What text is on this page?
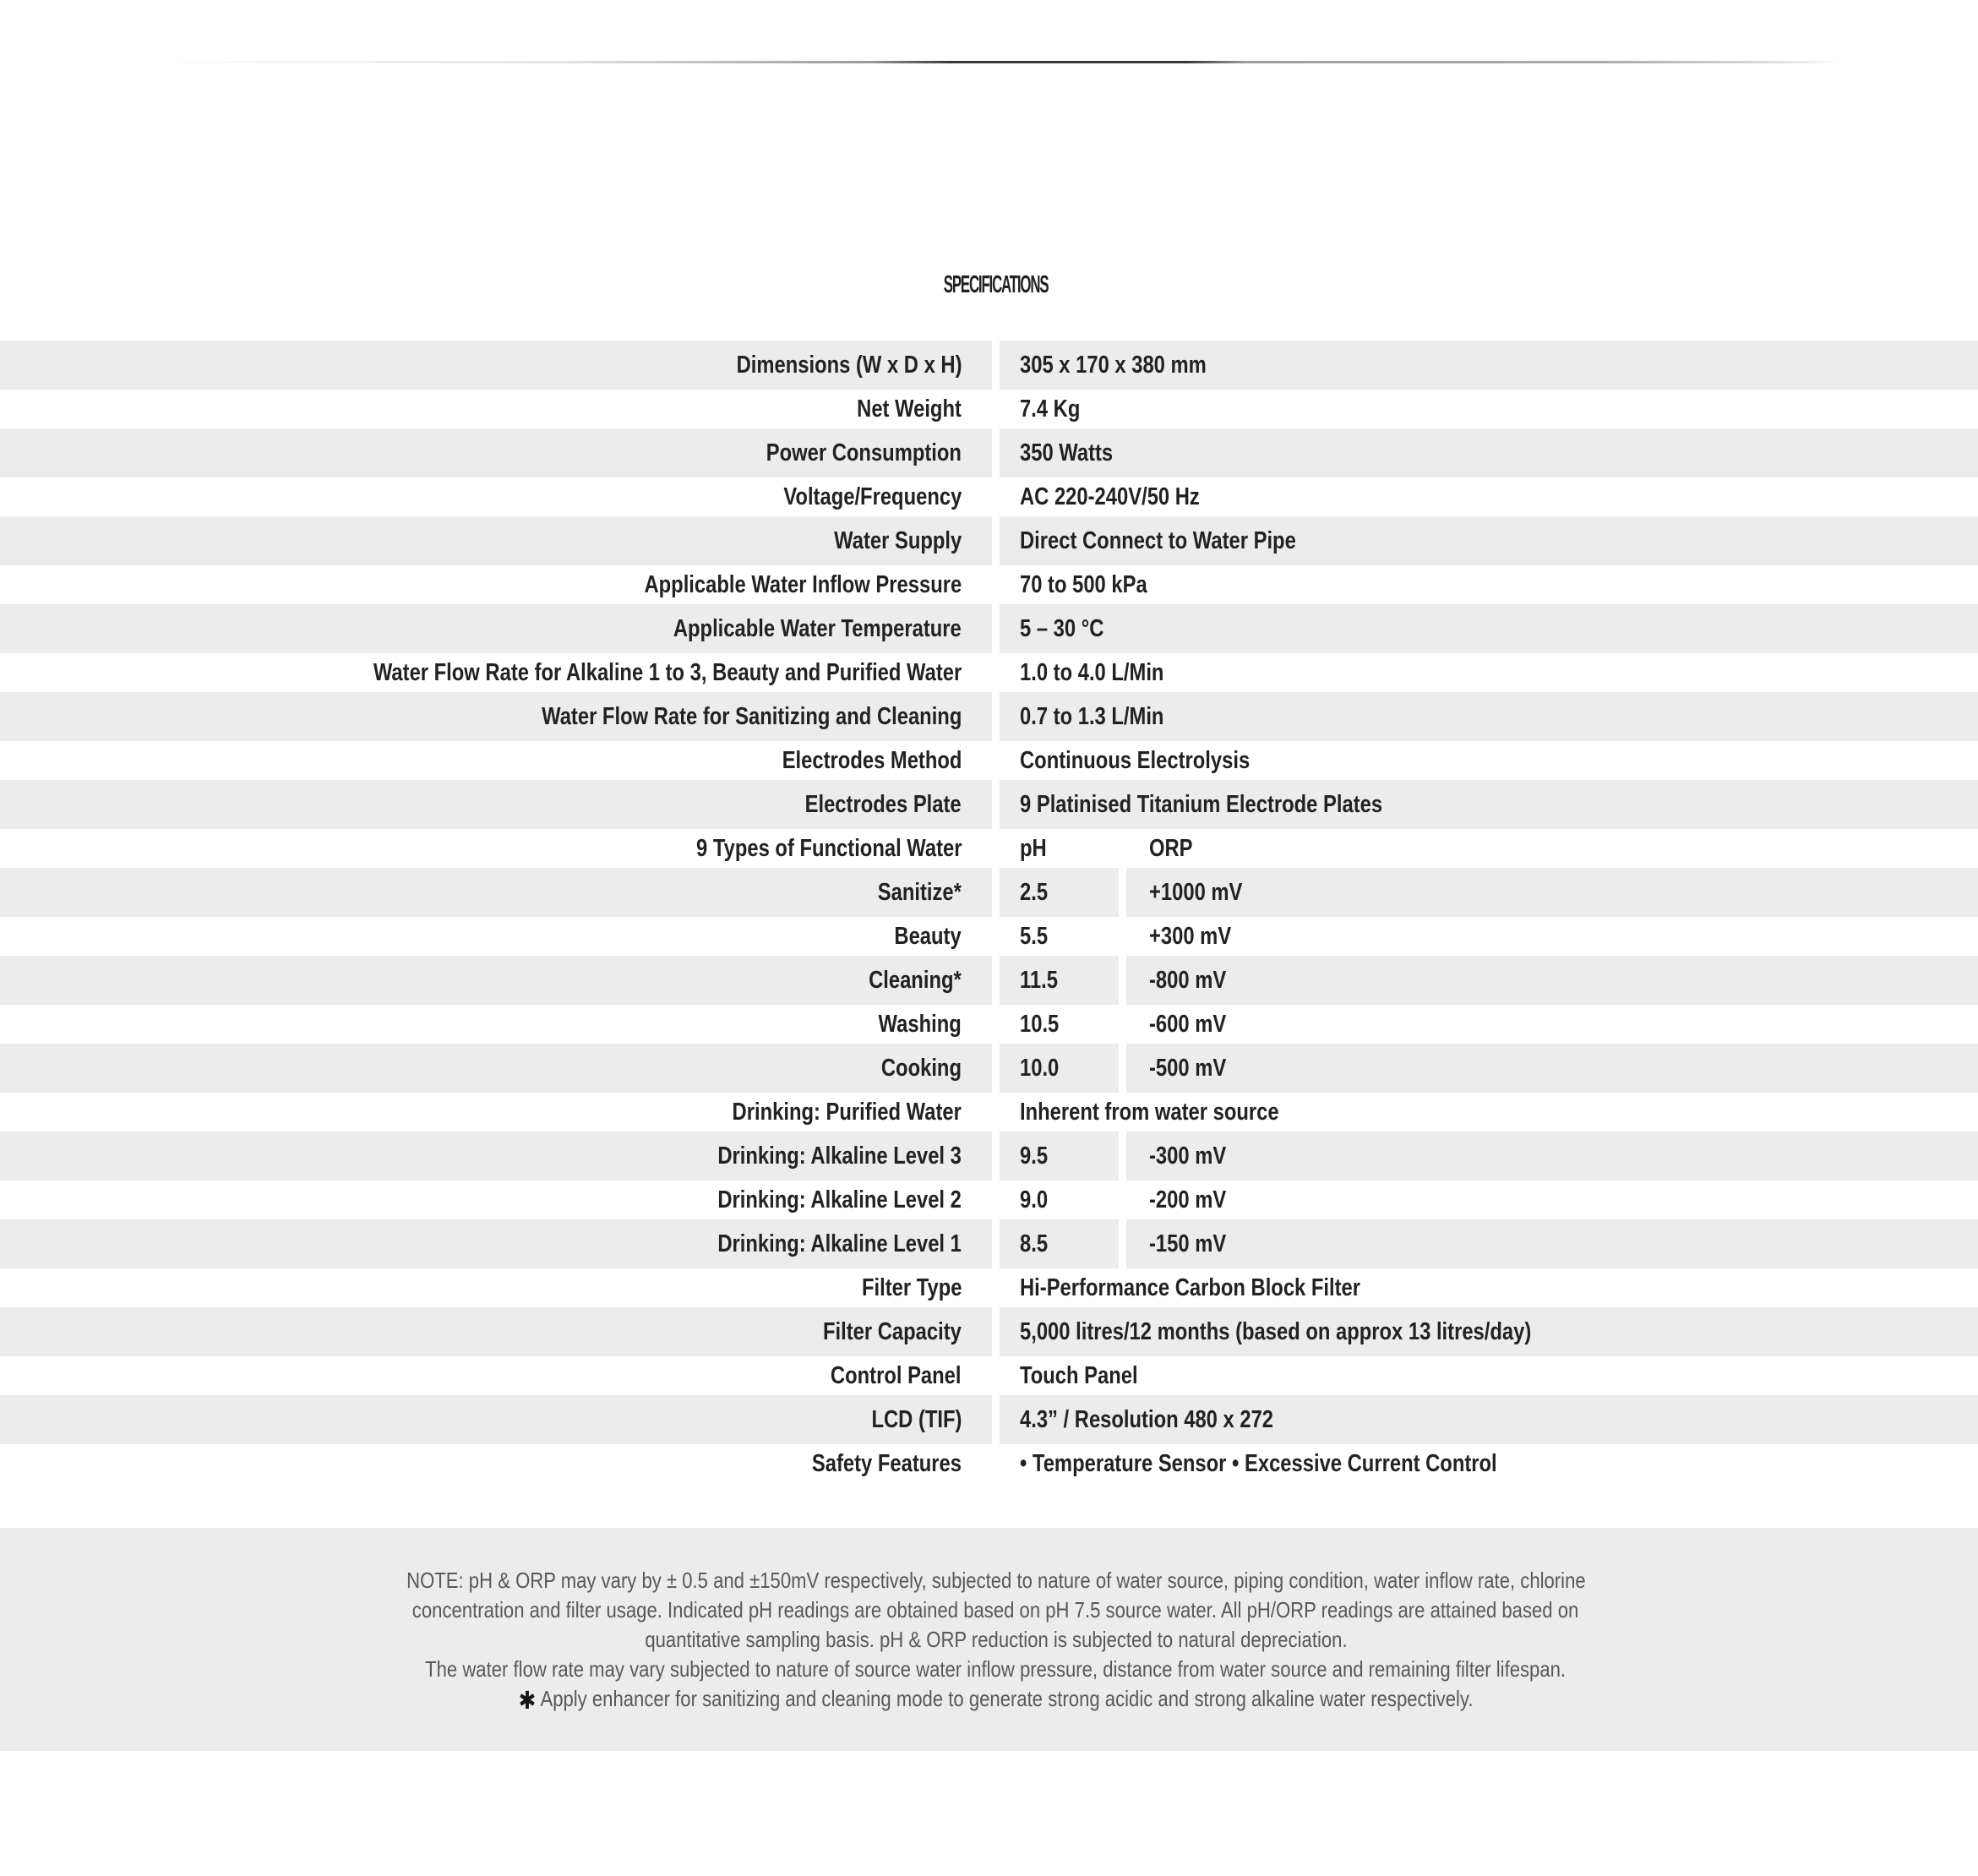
SPECIFICATIONS
Dimensions (W x D x H) 305 x 170 x 380 mm
Net Weight 7.4 Kg
Power Consumption 350 Watts
Voltage/Frequency AC 220-240V/50 Hz
Water Supply Direct Connect to Water Pipe
Applicable Water Inflow Pressure 70 to 500 kPa
Applicable Water Temperature 5 – 30 °C
Water Flow Rate for Alkaline 1 to 3, Beauty and Purified Water 1.0 to 4.0 L/Min
Water Flow Rate for Sanitizing and Cleaning 0.7 to 1.3 L/Min
Electrodes Method Continuous Electrolysis
Electrodes Plate 9 Platinised Titanium Electrode Plates
9 Types of Functional Water pH	ORP
Sanitize* 2.5	+1000 mV
Beauty 5.5	+300 mV
Cleaning* 11.5	-800 mV
Washing 10.5	-600 mV
Cooking 10.0	-500 mV
Drinking: Purified Water Inherent from water source
Drinking: Alkaline Level 3 9.5	-300 mV
Drinking: Alkaline Level 2 9.0	-200 mV
Drinking: Alkaline Level 1 8.5	-150 mV
Filter Type Hi-Performance Carbon Block Filter
Filter Capacity 5,000 litres/12 months (based on approx 13 litres/day)
Control Panel Touch Panel
LCD (TIF) 4.3” / Resolution 480 x 272
Safety Features • Temperature Sensor • Excessive Current Control
NOTE: pH & ORP may vary by ± 0.5 and ±150mV respectively, subjected to nature of water source, piping condition, water inflow rate, chlorine
concentration and filter usage. Indicated pH readings are obtained based on pH 7.5 source water. All pH/ORP readings are attained based on
quantitative sampling basis. pH & ORP reduction is subjected to natural depreciation.
The water flow rate may vary subjected to nature of source water inflow pressure, distance from water source and remaining filter lifespan.
✱ Apply enhancer for sanitizing and cleaning mode to generate strong acidic and strong alkaline water respectively.
